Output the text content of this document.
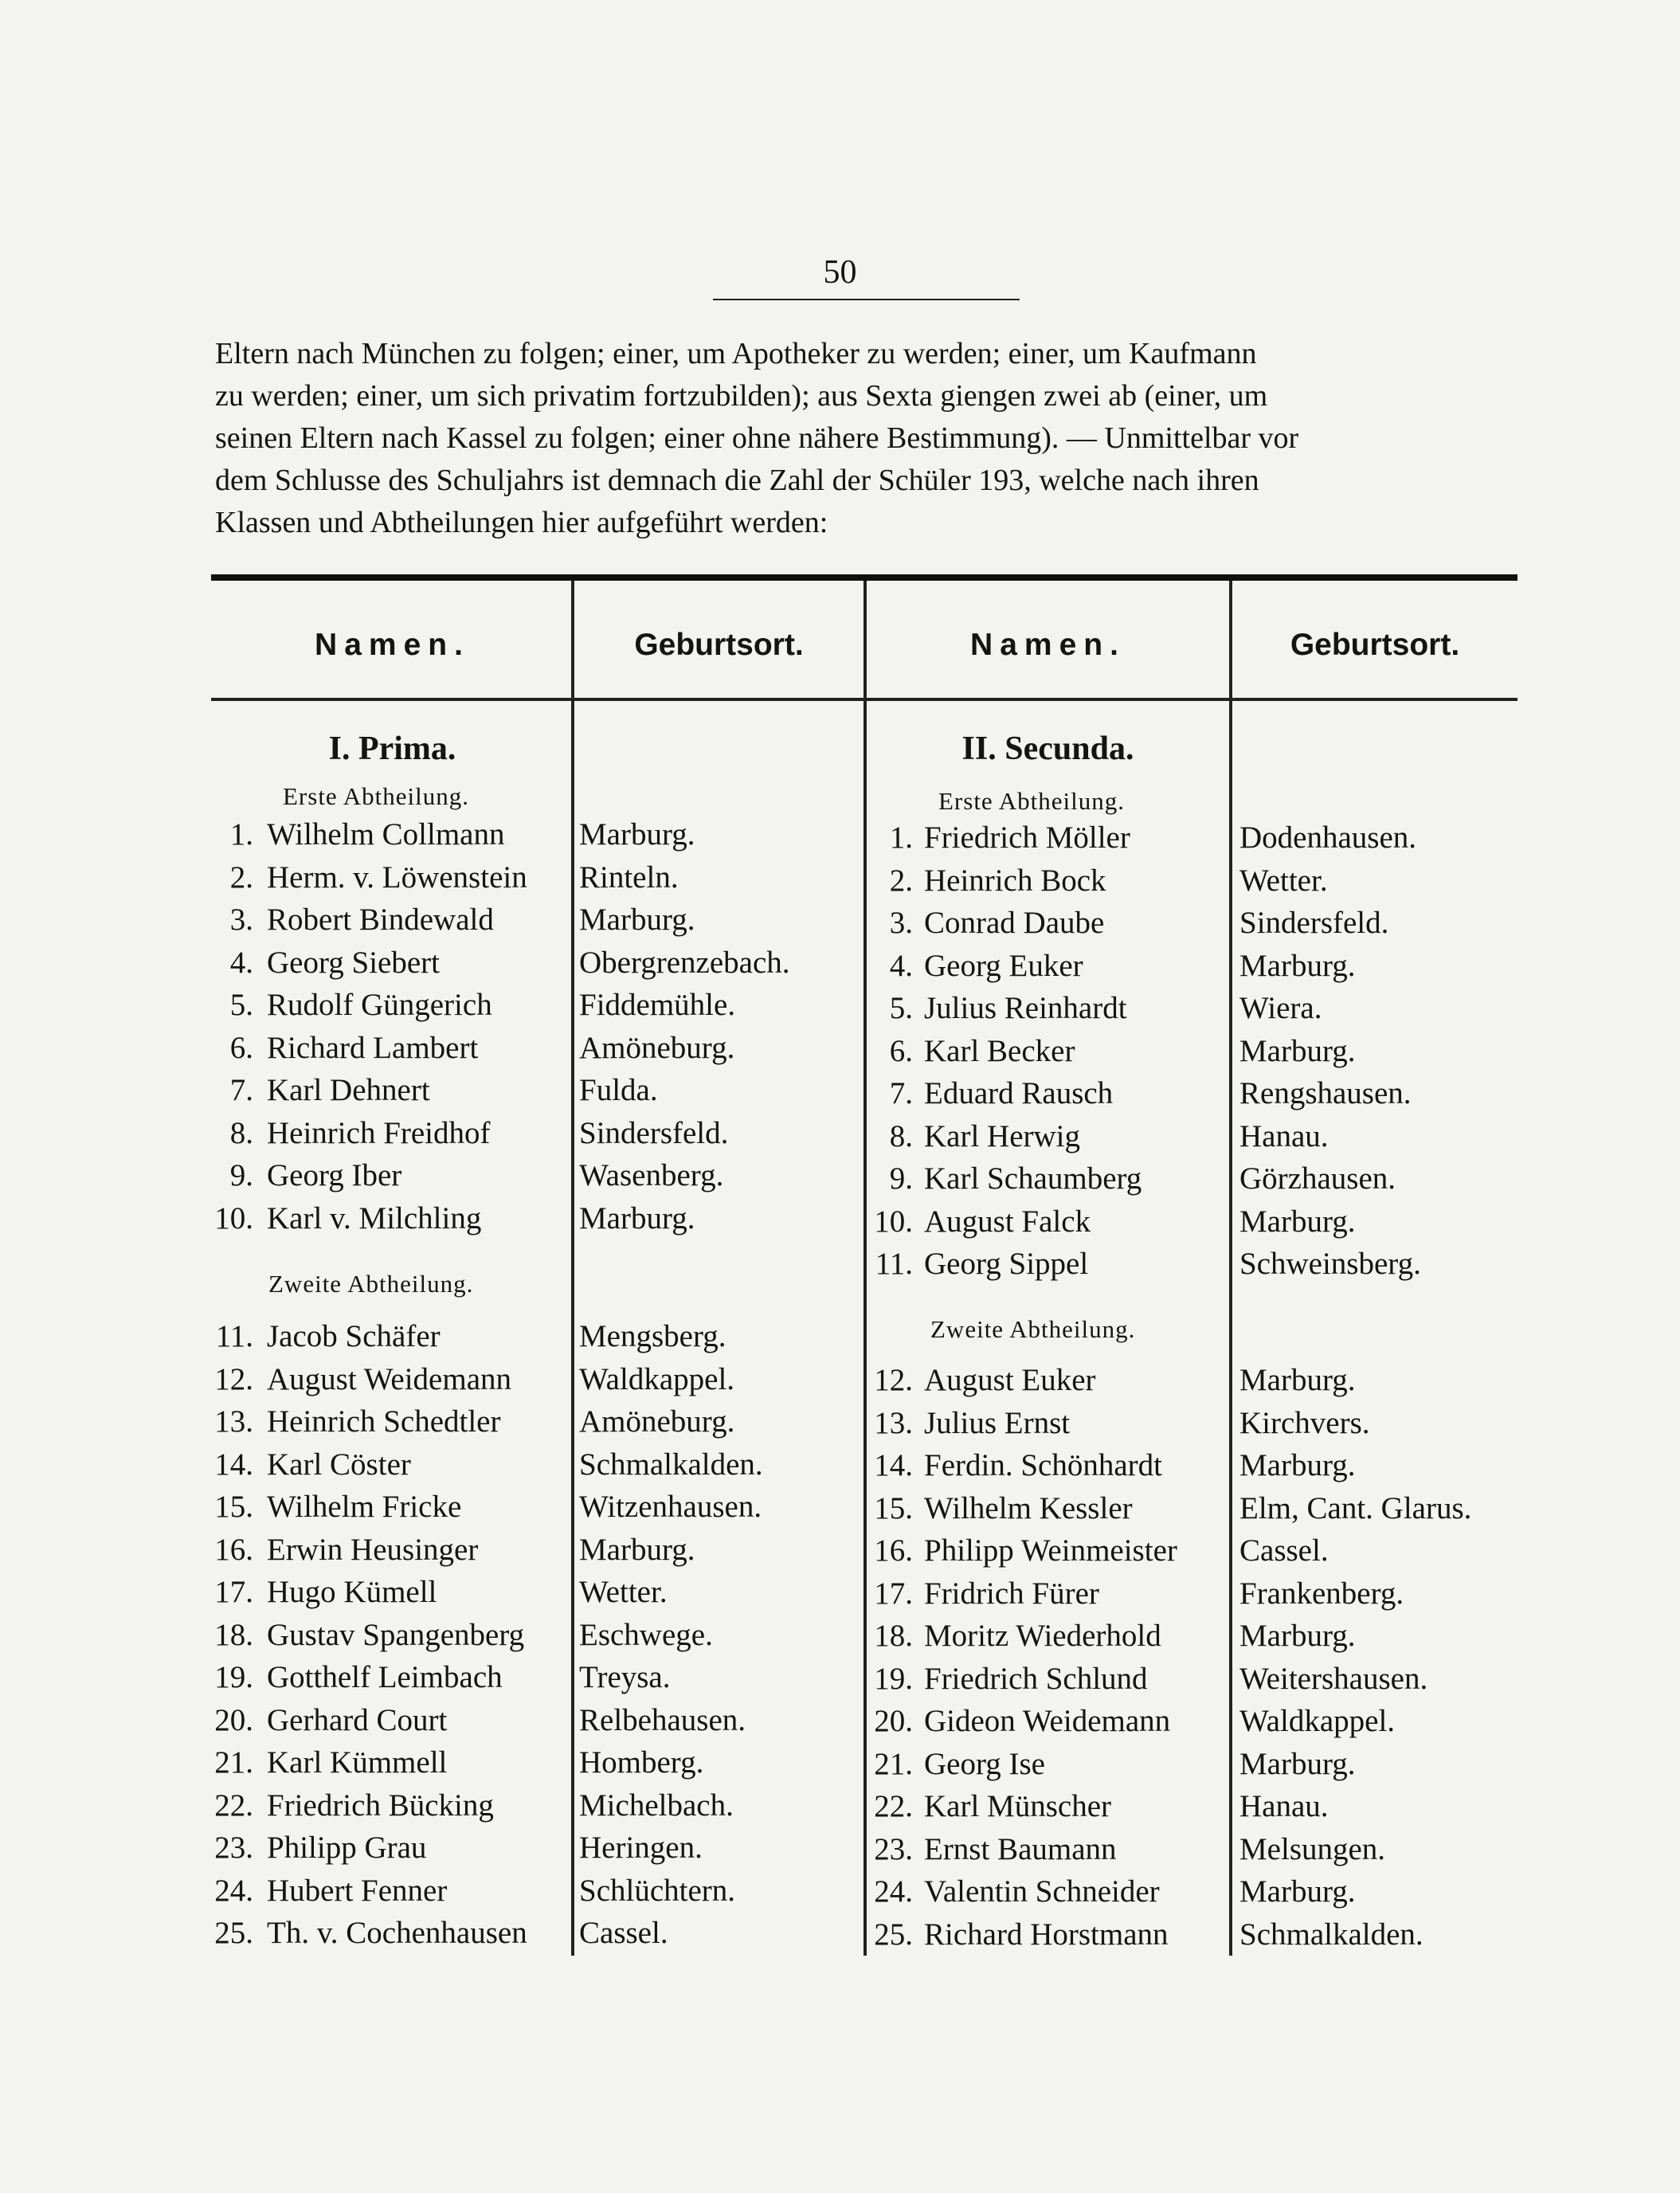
50

Eltern nach München zu folgen; einer, um Apotheker zu werden; einer, um Kaufmann

zu werden; einer, um sich privatim fortzubilden); aus Sexta giengen zwei ab (einer, um

seinen Eltern nach Kassel zu folgen; einer ohne nähere Bestimmung). — Unmittelbar vor

dem Schlusse des Schuljahrs ist demnach die Zahl der Schüler 193, welche nach ihren

Klassen und Abtheilungen hier aufgeführt werden:

Namen.	Geburtsort.	Namen.	Geburtsort.
I. Prima.	II. Secunda.
Erste Abtheilung.
Zweite Abtheilung.
Erste Abtheilung.
Zweite Abtheilung.
1. Wilhelm Collmann Marburg.
2. Herm. v. Löwenstein Rinteln.
3. Robert Bindewald	Marburg.
4. Georg Siebert	Obergrenzebach.
5. Rudolf Güngerich	Fiddemühle.
6. Richard Lambert	Amöneburg.
7. Karl Dehnert	Fulda.
8. Heinrich Freidhof	Sindersfeld.
9. Georg Iber	Wasenberg.
10. Karl v. Milchling	Marburg.
11. Jacob Schäfer	Mengsberg.
12. August Weidemann Waldkappel.
13. Heinrich Schedtler	Amöneburg.
14. Karl Cöster	Schmalkalden.
15. Wilhelm Fricke	Witzenhausen.
16. Erwin Heusinger	Marburg.
17. Hugo Kümell	Wetter.
18. Gustav Spangenberg Eschwege.
19. Gotthelf Leimbach Treysa.
20. Gerhard Court	Relbehausen.
21. Karl Kümmell	Homberg.
22. Friedrich Bücking	Michelbach.
23. Philipp Grau	Heringen.
24. Hubert Fenner	Schlüchtern.
25. Th. v. Cochenhausen Cassel.
1. Friedrich Möller	Dodenhausen.
2. Heinrich Bock	Wetter.
3. Conrad Daube	Sindersfeld.
4. Georg Euker	Marburg.
5. Julius Reinhardt	Wiera.
6. Karl Becker	Marburg.
7. Eduard Rausch	Rengshausen.
8. Karl Herwig	Hanau.
9. Karl Schaumberg	Görzhausen.
10. August Falck	Marburg.
11. Georg Sippel	Schweinsberg.
12. August Euker	Marburg.
13. Julius Ernst	Kirchvers.
14. Ferdin. Schönhardt Marburg.
15. Wilhelm Kessler	Elm, Cant. Glarus.
16. Philipp Weinmeister Cassel.
17. Fridrich Fürer	Frankenberg.
18. Moritz Wiederhold	Marburg.
19. Friedrich Schlund	Weitershausen.
20. Gideon Weidemann Waldkappel.
21. Georg Ise	Marburg.
22. Karl Münscher	Hanau.
23. Ernst Baumann	Melsungen.
24. Valentin Schneider	Marburg.
25. Richard Horstmann Schmalkalden.
